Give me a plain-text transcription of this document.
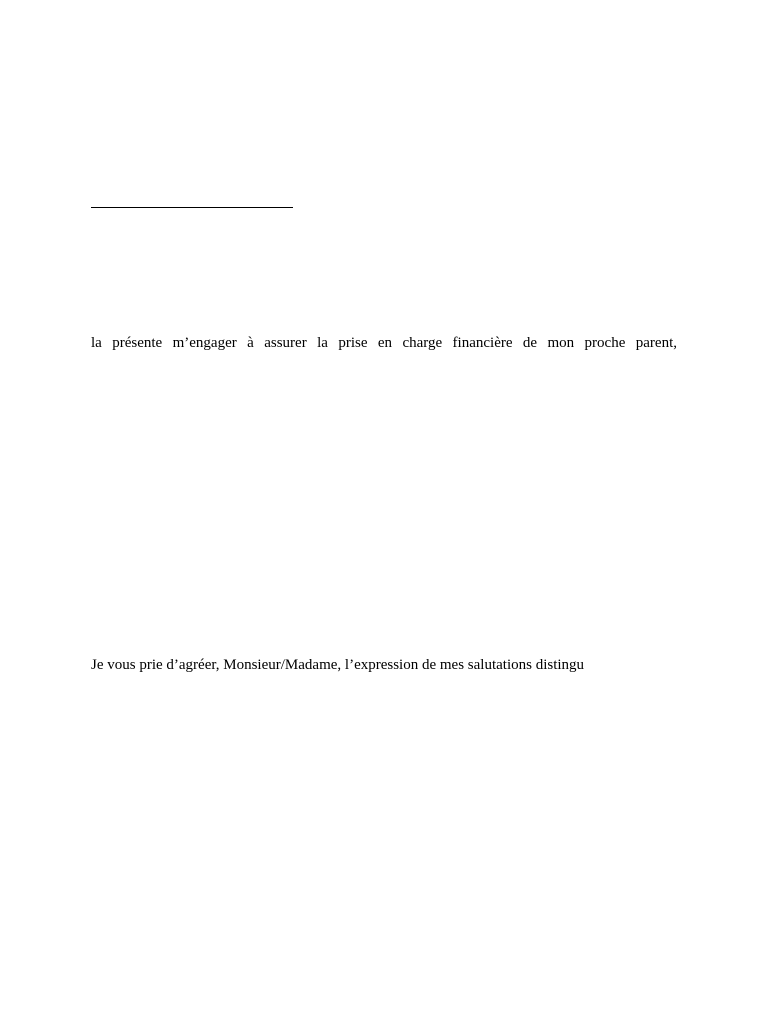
la présente m’engager à assurer la prise en charge financière de mon proche parent,
Je vous prie d’agréer, Monsieur/Madame, l’expression de mes salutations distingu
